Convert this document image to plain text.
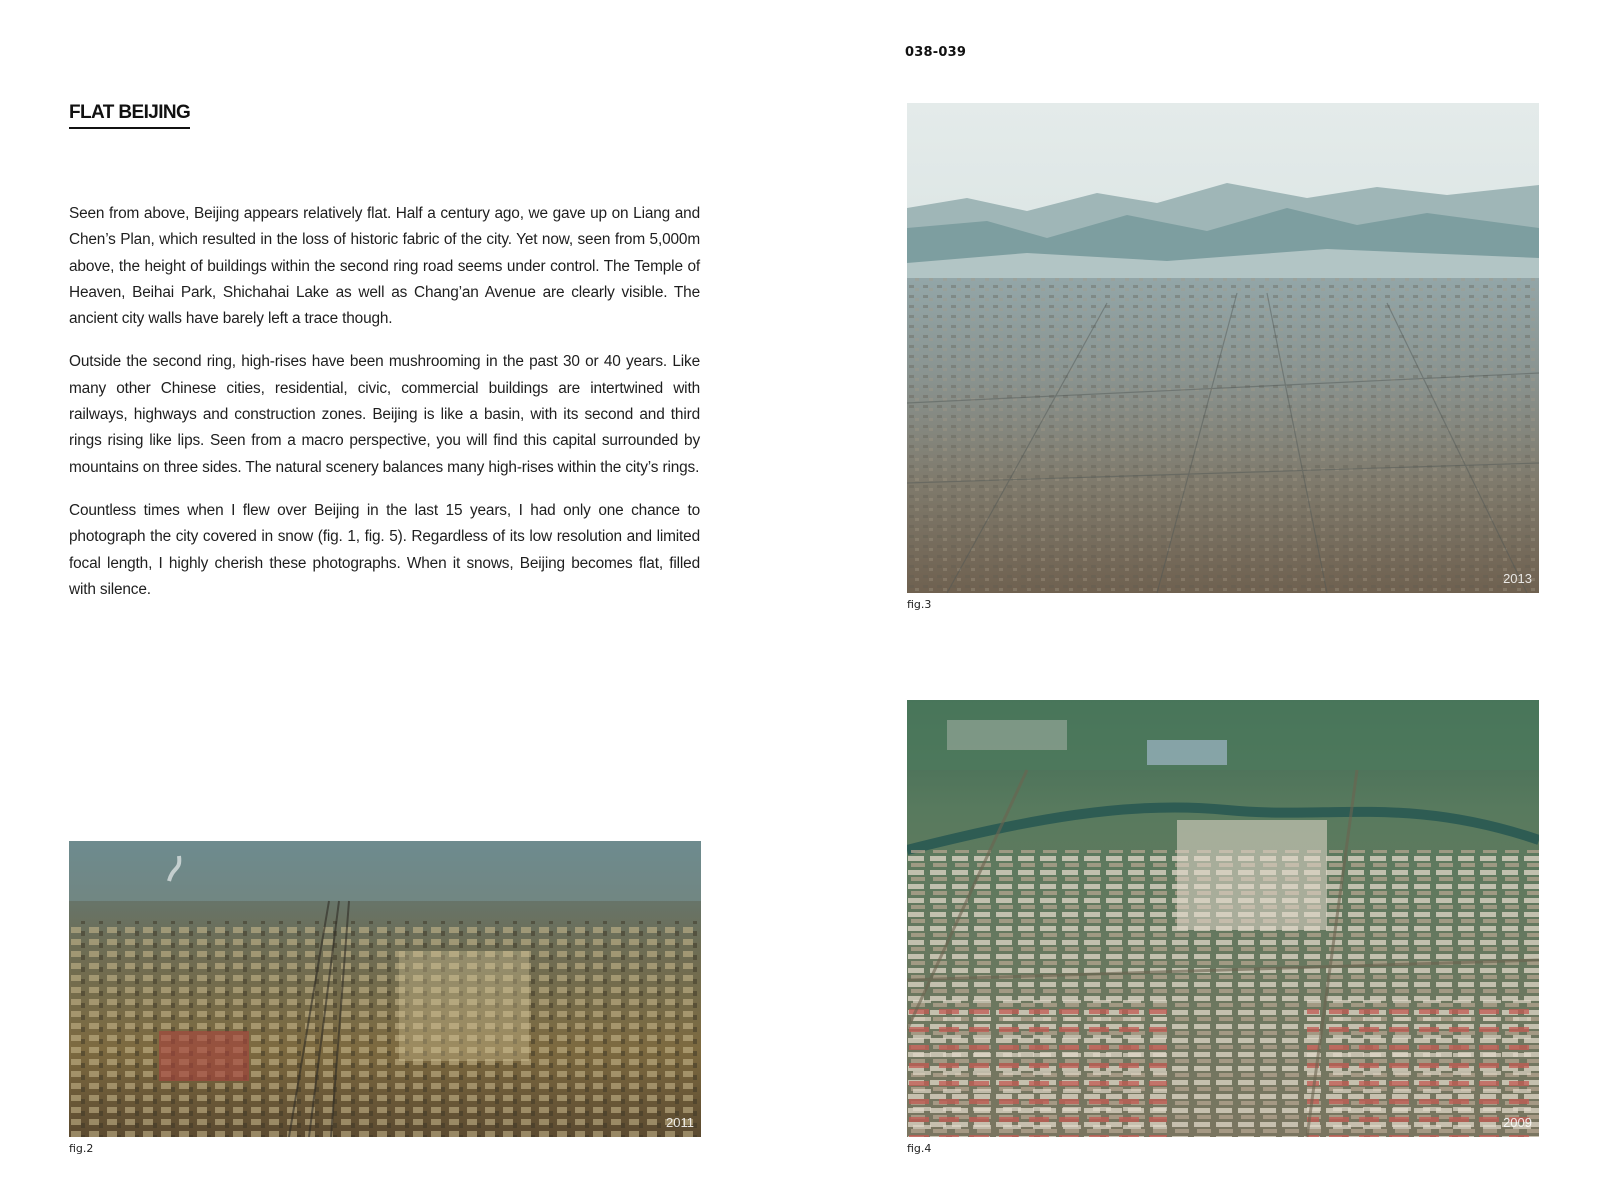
038-039
FLAT BEIJING

Seen from above, Beijing appears relatively flat. Half a century ago, we gave up on Liang and Chen’s Plan, which resulted in the loss of historic fabric of the city. Yet now, seen from 5,000m above, the height of buildings within the second ring road seems under control. The Temple of Heaven, Beihai Park, Shichahai Lake as well as Chang’an Avenue are clearly visible. The ancient city walls have barely left a trace though.

Outside the second ring, high-rises have been mushrooming in the past 30 or 40 years. Like many other Chinese cities, residential, civic, commercial buildings are intertwined with railways, highways and construction zones. Beijing is like a basin, with its second and third rings rising like lips. Seen from a macro perspective, you will find this capital surrounded by mountains on three sides. The natural scenery balances many high-rises within the city’s rings.

Countless times when I flew over Beijing in the last 15 years, I had only one chance to photograph the city covered in snow (fig. 1, fig. 5). Regardless of its low resolution and limited focal length, I highly cherish these photographs. When it snows, Beijing becomes flat, filled with silence.

2013
fig.3
2009
fig.4
2011
fig.2
